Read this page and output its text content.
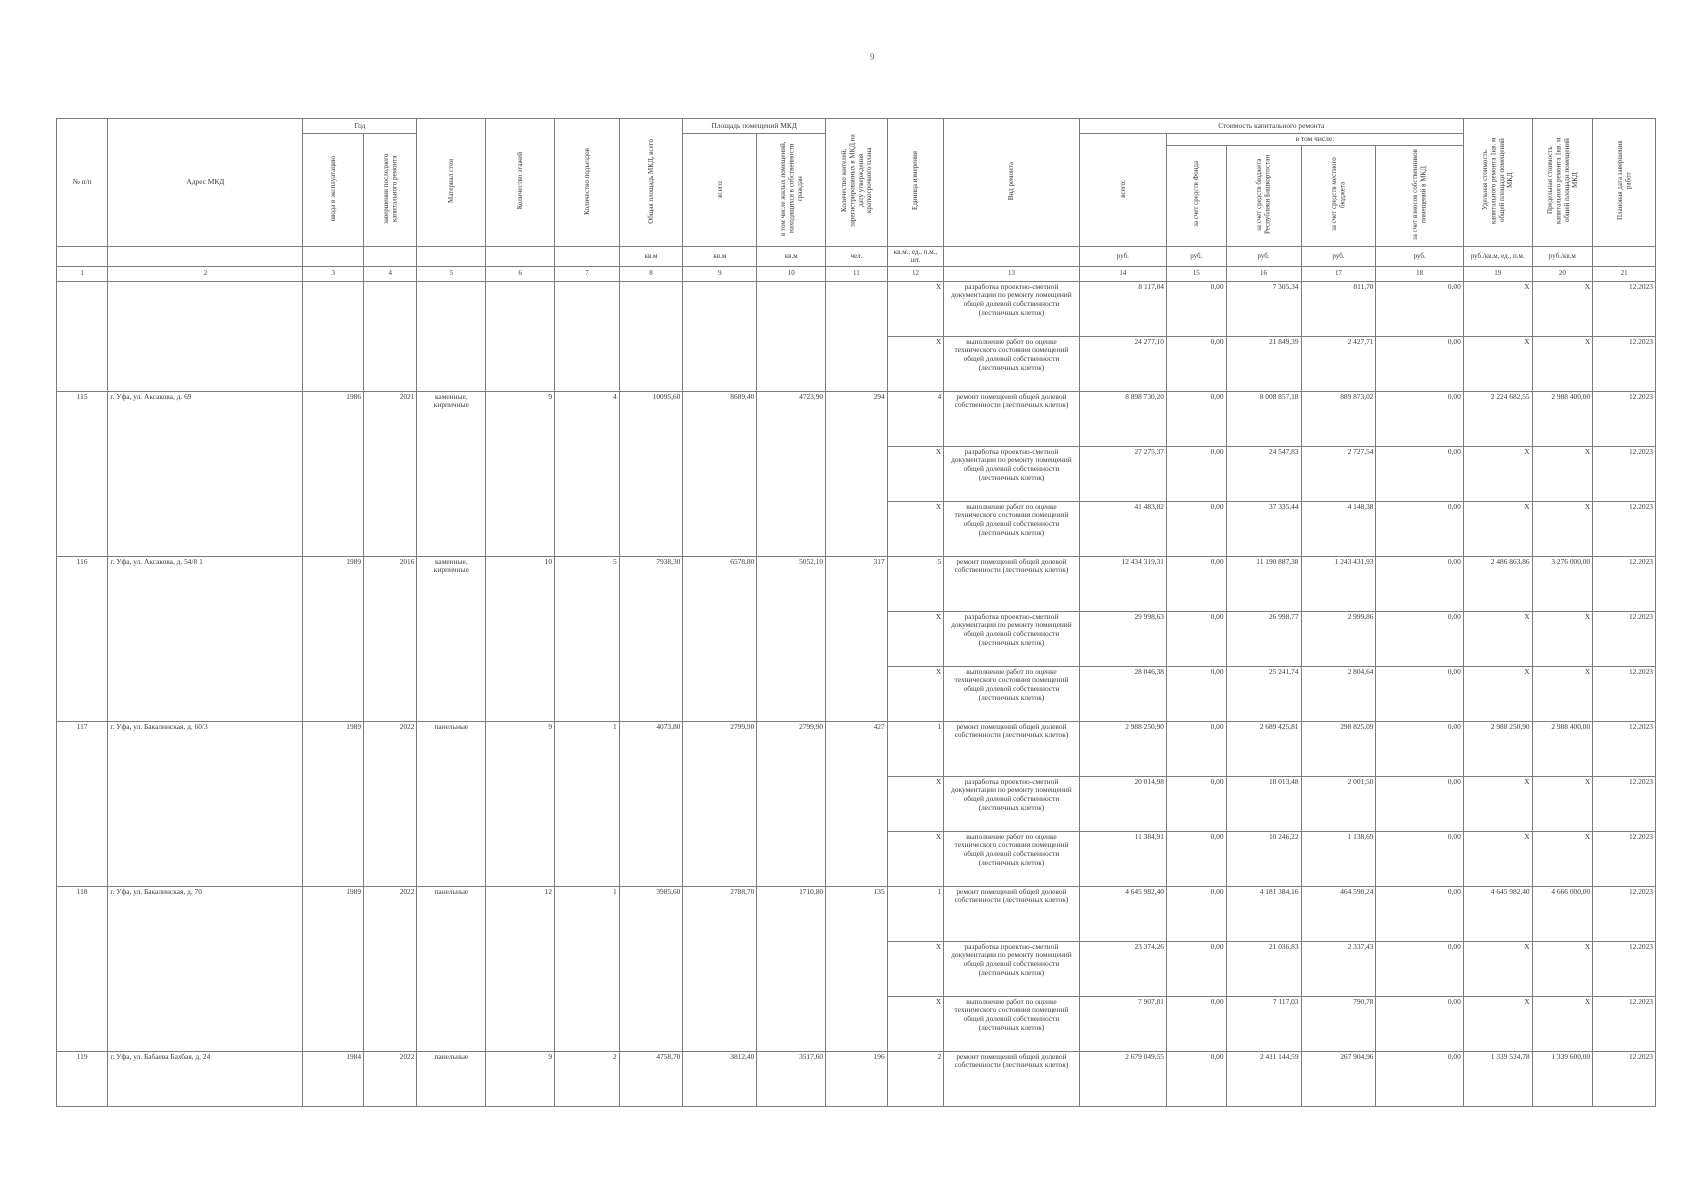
9
№ п/п	Адрес МКД	Год		Материал стен	Количество этажей	Количество подъездов	Общая площадь МКД, всего	Площадь помещений МКД		Количество жителей, зарегистрированных в МКД на дату утверждения краткосрочного плана	Единица измерения	Вид ремонта	Стоимость капитального ремонта					Удельная стоимость капитального ремонта 1кв. м общей площади помещений МКД	Предельная стоимость капитального ремонта 1кв. м общей площади помещений МКД	Плановая дата завершения работ
		ввода в эксплуатацию	завершения последнего капитального ремонта					всего:	в том числе жилых помещений, находящихся в собственности граждан				всего:	в том числе:						
														за счет средств Фонда	за счет средств бюджета Республики Башкортостан	за счет средств местного бюджета	за счет взносов собственников помещений в МКД			
							кв.м	кв.м	кв.м	чел.	кв.м., ед., п.м., шт.		руб.	руб.	руб.	руб.	руб.	руб./кв.м, ед., п.м.	руб./кв.м	
1	2	3	4	5	6	7	8	9	10	11	12	13	14	15	16	17	18	19	20	21
											X	разработка проектно-сметной документации по ремонту помещений общей долевой собственности (лестничных клеток)	8 117,04	0,00	7 305,34	811,70	0,00	X	X	12.2023
											X	выполнение работ по оценке технического состояния помещений общей долевой собственности (лестничных клеток)	24 277,10	0,00	21 849,39	2 427,71	0,00	X	X	12.2023
115	г. Уфа, ул. Аксакова, д. 69	1986	2021	каменные, кирпичные	9	4	10095,60	8689,40	4723,90	294	4	ремонт помещений общей долевой собственности (лестничных клеток)	8 898 730,20	0,00	8 008 857,18	889 873,02	0,00	2 224 682,55	2 988 400,00	12.2023
											X	разработка проектно-сметной документации по ремонту помещений общей долевой собственности (лестничных клеток)	27 275,37	0,00	24 547,83	2 727,54	0,00	X	X	12.2023
											X	выполнение работ по оценке технического состояния помещений общей долевой собственности (лестничных клеток)	41 483,82	0,00	37 335,44	4 148,38	0,00	X	X	12.2023
116	г. Уфа, ул. Аксакова, д. 54/8 1	1989	2016	каменные, кирпичные	10	5	7938,30	6578,80	5052,10	317	5	ремонт помещений общей долевой собственности (лестничных клеток)	12 434 319,31	0,00	11 190 887,38	1 243 431,93	0,00	2 486 863,86	3 276 000,00	12.2023
											X	разработка проектно-сметной документации по ремонту помещений общей долевой собственности (лестничных клеток)	29 998,63	0,00	26 998,77	2 999,86	0,00	X	X	12.2023
											X	выполнение работ по оценке технического состояния помещений общей долевой собственности (лестничных клеток)	28 046,38	0,00	25 241,74	2 804,64	0,00	X	X	12.2023
117	г. Уфа, ул. Бакалинская, д. 60/3	1989	2022	панельные	9	1	4073,80	2799,90	2799,90	427	1	ремонт помещений общей долевой собственности (лестничных клеток)	2 988 250,90	0,00	2 689 425,81	298 825,09	0,00	2 988 250,90	2 988 400,00	12.2023
											X	разработка проектно-сметной документации по ремонту помещений общей долевой собственности (лестничных клеток)	20 014,98	0,00	18 013,48	2 001,50	0,00	X	X	12.2023
											X	выполнение работ по оценке технического состояния помещений общей долевой собственности (лестничных клеток)	11 384,91	0,00	10 246,22	1 138,69	0,00	X	X	12.2023
118	г. Уфа, ул. Бакалинская, д. 70	1989	2022	панельные	12	1	3985,60	2788,70	1710,80	135	1	ремонт помещений общей долевой собственности (лестничных клеток)	4 645 982,40	0,00	4 181 384,16	464 598,24	0,00	4 645 982,40	4 666 000,00	12.2023
											X	разработка проектно-сметной документации по ремонту помещений общей долевой собственности (лестничных клеток)	23 374,26	0,00	21 036,83	2 337,43	0,00	X	X	12.2023
											X	выполнение работ по оценке технического состояния помещений общей долевой собственности (лестничных клеток)	7 907,81	0,00	7 117,03	790,78	0,00	X	X	12.2023
119	г. Уфа, ул. Бабаева Бахбая, д. 24	1984	2022	панельные	9	2	4758,70	3812,40	3517,60	196	2	ремонт помещений общей долевой собственности (лестничных клеток)	2 679 049,55	0,00	2 411 144,59	267 904,96	0,00	1 339 524,78	1 339 600,00	12.2023
